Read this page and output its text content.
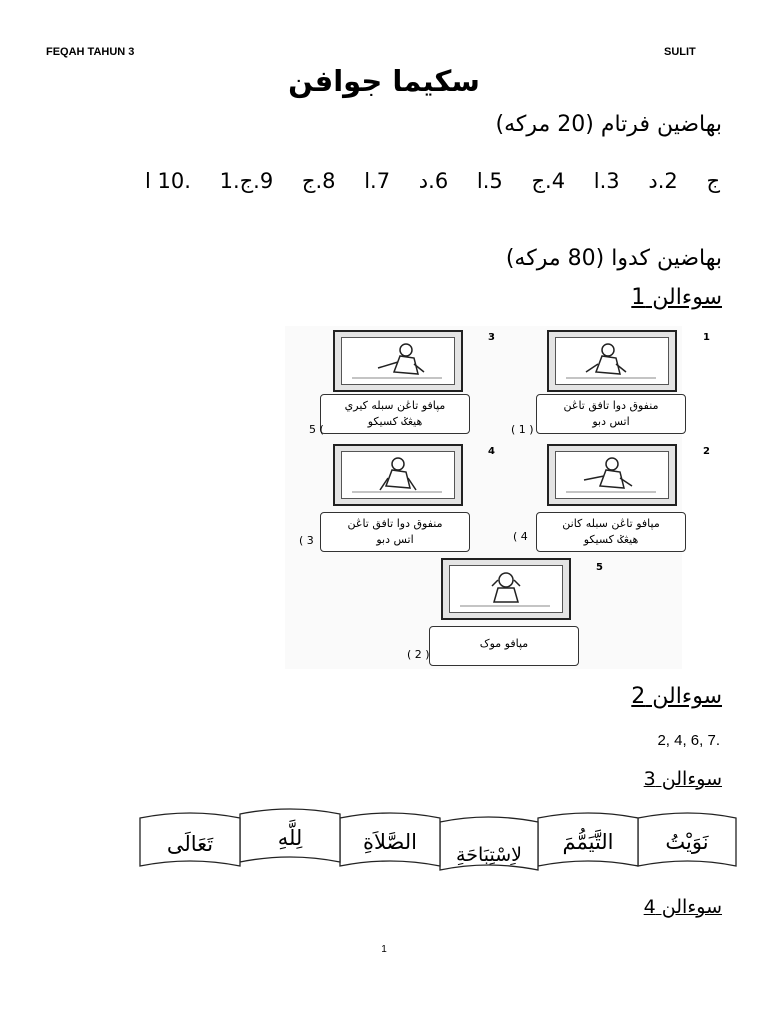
FEQAH TAHUN 3	SULIT
سكيما جوافن
بهاضين فرتام (20 مركه)
ج 2.د 3.ا 4.ج 5.ا 6.د 7.ا 8.ج 9.ج.1 .10 ا
بهاضين كدوا (80 مركه)
سوءالن 1
1
منفوق دوا تافق تاڠن
اتس دبو
( 1 )
3
مپافو تاڠن سبله كيري
هيڠݢ كسيكو
5 (
2
مپافو تاڠن سبله كانن
هيڠݢ كسيكو
( 4
4
منفوق دوا تافق تاڠن
اتس دبو
( 3
5
مپافو موک
( 2 )
سوءالن 2
2, 4, 6, 7.
سوءالن 3
نَوَيْتُ
التَّيَمُّمَ
لاِسْتِبَاحَةِ
الصَّلاَةِ
لِلَّهِ
تَعَالَى
سوءالن 4
1
